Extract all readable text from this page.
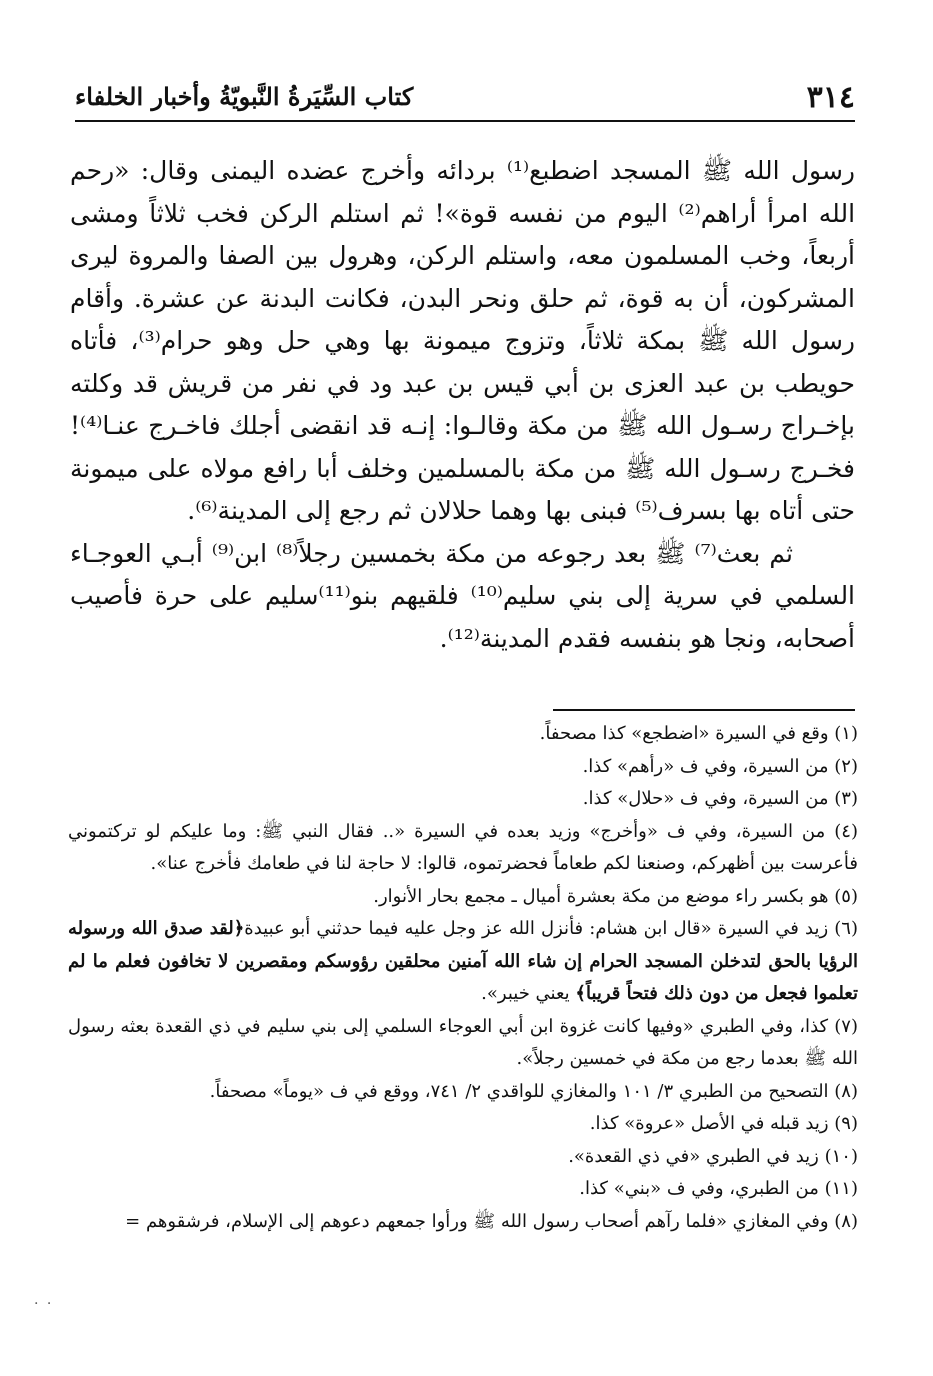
٣١٤
كتاب السِّيَرةُ النَّبويّةُ وأخبار الخلفاء

رسول الله ﷺ المسجد اضطبع⁽¹⁾ بردائه وأخرج عضده اليمنى وقال: «رحم الله امرأ أراهم⁽²⁾ اليوم من نفسه قوة»! ثم استلم الركن فخب ثلاثاً ومشى أربعاً، وخب المسلمون معه، واستلم الركن، وهرول بين الصفا والمروة ليرى المشركون، أن به قوة، ثم حلق ونحر البدن، فكانت البدنة عن عشرة. وأقام رسول الله ﷺ بمكة ثلاثاً، وتزوج ميمونة بها وهي حل وهو حرام⁽³⁾، فأتاه حويطب بن عبد العزى بن أبي قيس بن عبد ود في نفر من قريش قد وكلته بإخـراج رسـول الله ﷺ من مكة وقالـوا: إنـه قد انقضى أجلك فاخـرج عنـا⁽⁴⁾! فخـرج رسـول الله ﷺ من مكة بالمسلمين وخلف أبا رافع مولاه على ميمونة حتى أتاه بها بسرف⁽⁵⁾ فبنى بها وهما حلالان ثم رجع إلى المدينة⁽⁶⁾.

ثم بعث⁽⁷⁾ ﷺ بعد رجوعه من مكة بخمسين رجلاً⁽⁸⁾ ابن⁽⁹⁾ أبـي العوجـاء السلمي في سرية إلى بني سليم⁽¹⁰⁾ فلقيهم بنو⁽¹¹⁾سليم على حرة فأصيب أصحابه، ونجا هو بنفسه فقدم المدينة⁽¹²⁾.

(١) وقع في السيرة «اضطجع» كذا مصحفاً.

(٢) من السيرة، وفي ف «رأهم» كذا.

(٣) من السيرة، وفي ف «حلال» كذا.

(٤) من السيرة، وفي ف «وأخرج» وزيد بعده في السيرة «.. فقال النبي ﷺ: وما عليكم لو تركتموني فأعرست بين أظهركم، وصنعنا لكم طعاماً فحضرتموه، قالوا: لا حاجة لنا في طعامك فأخرج عنا».

(٥) هو بكسر راء موضع من مكة بعشرة أميال ـ مجمع بحار الأنوار.

(٦) زيد في السيرة «قال ابن هشام: فأنزل الله عز وجل عليه فيما حدثني أبو عبيدة﴿لقد صدق الله ورسوله الرؤيا بالحق لتدخلن المسجد الحرام إن شاء الله آمنين محلقين رؤوسكم ومقصرين لا تخافون فعلم ما لم تعلموا فجعل من دون ذلك فتحاً قريباً﴾ يعني خيبر».

(٧) كذا، وفي الطبري «وفيها كانت غزوة ابن أبي العوجاء السلمي إلى بني سليم في ذي القعدة بعثه رسول الله ﷺ بعدما رجع من مكة في خمسين رجلاً».

(٨) التصحيح من الطبري ٣/ ١٠١ والمغازي للواقدي ٢/ ٧٤١، ووقع في ف «يوماً» مصحفاً.

(٩) زيد قبله في الأصل «عروة» كذا.

(١٠) زيد في الطبري «في ذي القعدة».

(١١) من الطبري، وفي ف «بني» كذا.

(٨) وفي المغازي «فلما رآهم أصحاب رسول الله ﷺ ورأوا جمعهم دعوهم إلى الإسلام، فرشقوهم =

. .
